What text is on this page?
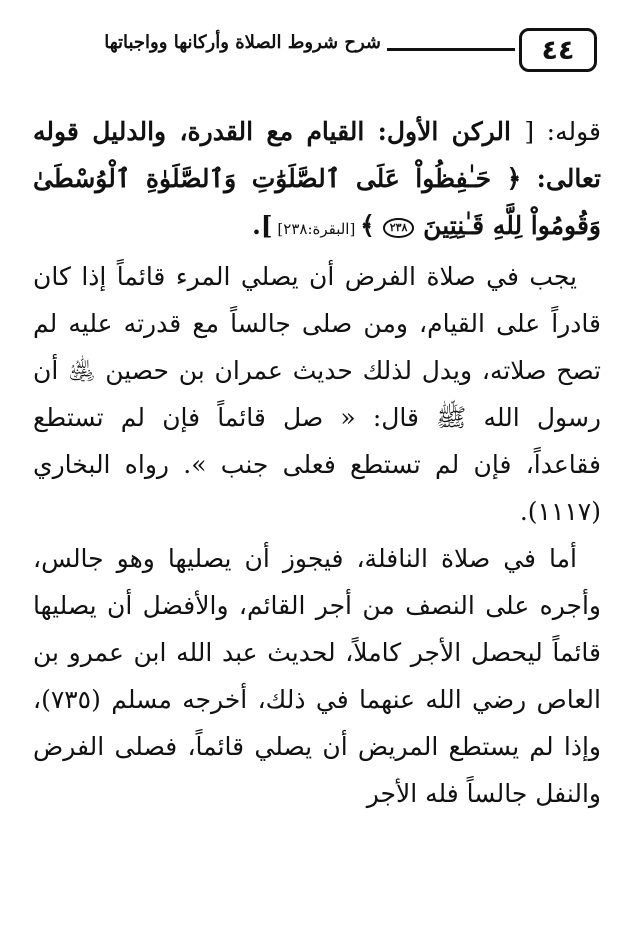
٤٤
شرح شروط الصلاة وأركانها وواجباتها

قوله: [ الركن الأول: القيام مع القدرة، والدليل قوله تعالى: ﴿ حَـٰفِظُواْ عَلَى ٱلصَّلَوَٰتِ وَٱلصَّلَوٰةِ ٱلْوُسْطَىٰ وَقُومُواْ لِلَّهِ قَـٰنِتِينَ ٢٣٨ ﴾ [البقرة:٢٣٨] ].

يجب في صلاة الفرض أن يصلي المرء قائماً إذا كان قادراً على القيام، ومن صلى جالساً مع قدرته عليه لم تصح صلاته، ويدل لذلك حديث عمران بن حصين ﵁ أن رسول الله ﷺ قال: « صل قائماً فإن لم تستطع فقاعداً، فإن لم تستطع فعلى جنب ». رواه البخاري (١١١٧).

أما في صلاة النافلة، فيجوز أن يصليها وهو جالس، وأجره على النصف من أجر القائم، والأفضل أن يصليها قائماً ليحصل الأجر كاملاً، لحديث عبد الله ابن عمرو بن العاص رضي الله عنهما في ذلك، أخرجه مسلم (٧٣٥)، وإذا لم يستطع المريض أن يصلي قائماً، فصلى الفرض والنفل جالساً فله الأجر
